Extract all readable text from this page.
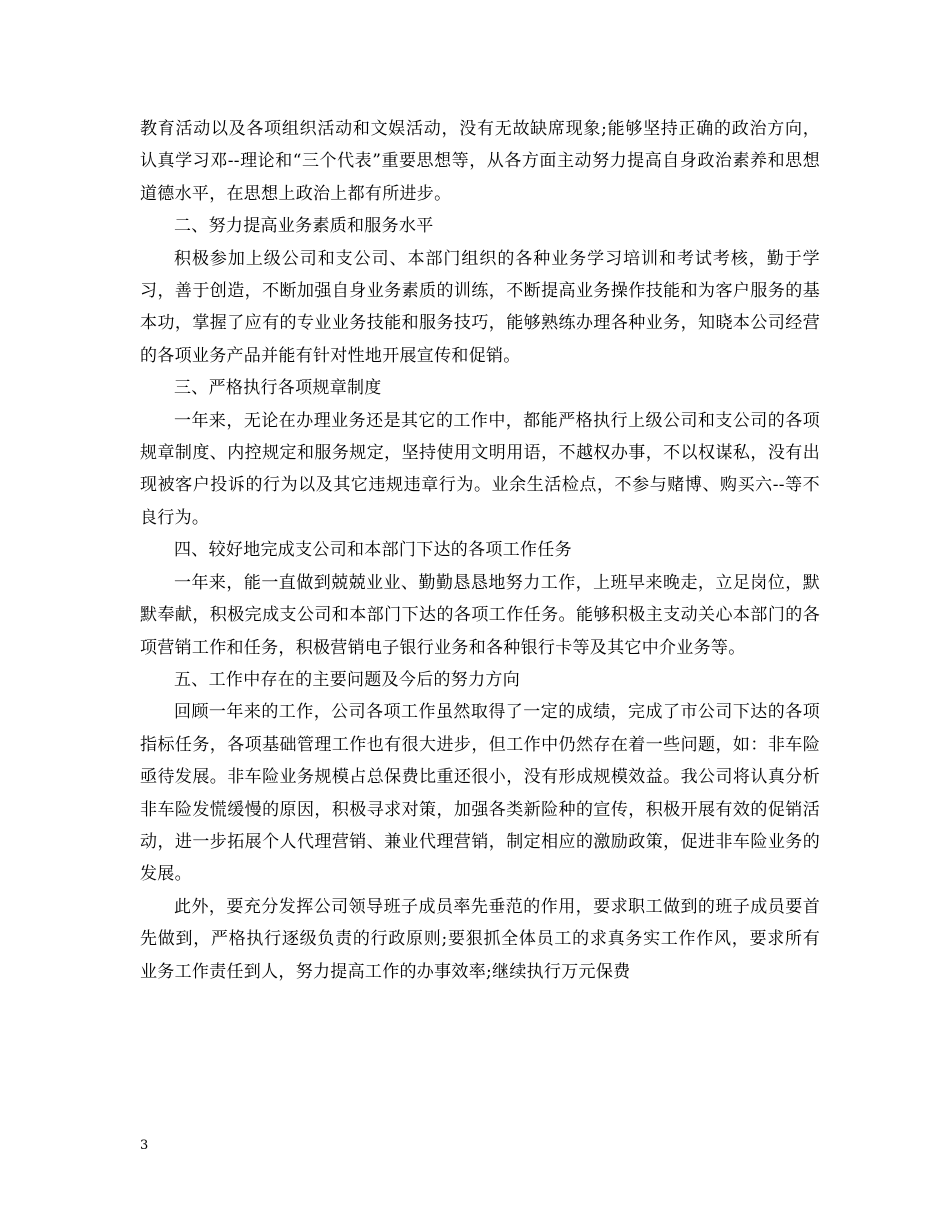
教育活动以及各项组织活动和文娱活动，没有无故缺席现象;能够坚持正确的政治方向，认真学习邓--理论和“三个代表”重要思想等，从各方面主动努力提高自身政治素养和思想道德水平，在思想上政治上都有所进步。

二、努力提高业务素质和服务水平

积极参加上级公司和支公司、本部门组织的各种业务学习培训和考试考核，勤于学习，善于创造，不断加强自身业务素质的训练，不断提高业务操作技能和为客户服务的基本功，掌握了应有的专业业务技能和服务技巧，能够熟练办理各种业务，知晓本公司经营的各项业务产品并能有针对性地开展宣传和促销。

三、严格执行各项规章制度

一年来，无论在办理业务还是其它的工作中，都能严格执行上级公司和支公司的各项规章制度、内控规定和服务规定，坚持使用文明用语，不越权办事，不以权谋私，没有出现被客户投诉的行为以及其它违规违章行为。业余生活检点，不参与赌博、购买六--等不良行为。

四、较好地完成支公司和本部门下达的各项工作任务

一年来，能一直做到兢兢业业、勤勤恳恳地努力工作，上班早来晚走，立足岗位，默默奉献，积极完成支公司和本部门下达的各项工作任务。能够积极主支动关心本部门的各项营销工作和任务，积极营销电子银行业务和各种银行卡等及其它中介业务等。

五、工作中存在的主要问题及今后的努力方向

回顾一年来的工作，公司各项工作虽然取得了一定的成绩，完成了市公司下达的各项指标任务，各项基础管理工作也有很大进步，但工作中仍然存在着一些问题，如：非车险亟待发展。非车险业务规模占总保费比重还很小，没有形成规模效益。我公司将认真分析非车险发慌缓慢的原因，积极寻求对策，加强各类新险种的宣传，积极开展有效的促销活动，进一步拓展个人代理营销、兼业代理营销，制定相应的激励政策，促进非车险业务的发展。

此外，要充分发挥公司领导班子成员率先垂范的作用，要求职工做到的班子成员要首先做到，严格执行逐级负责的行政原则;要狠抓全体员工的求真务实工作作风，要求所有业务工作责任到人，努力提高工作的办事效率;继续执行万元保费

3
